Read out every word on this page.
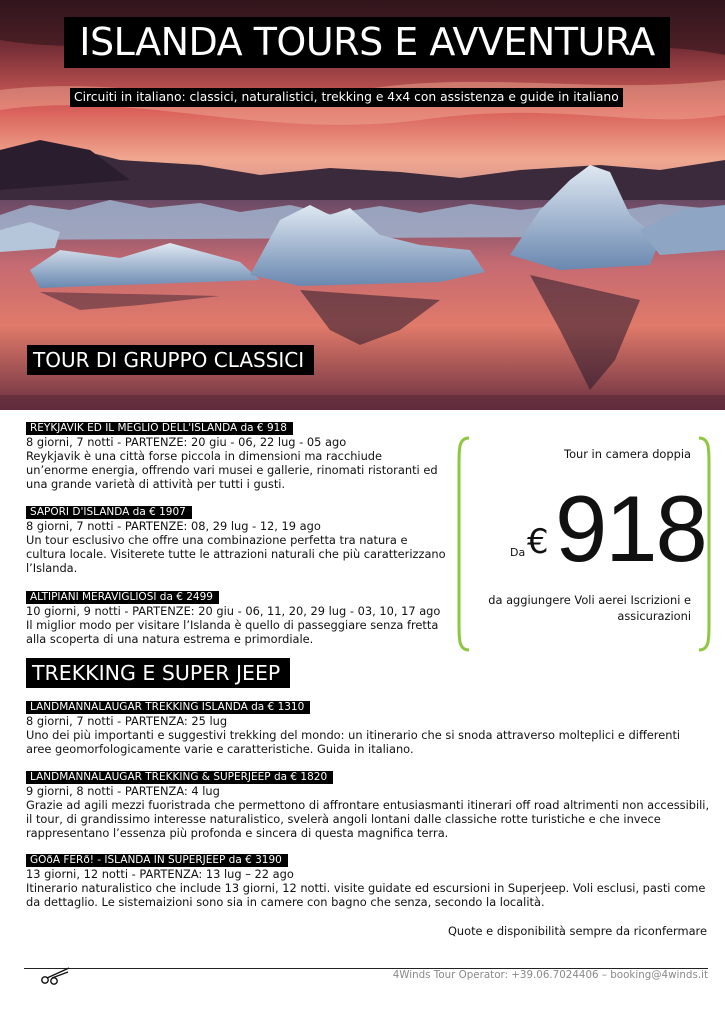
ISLANDA TOURS E AVVENTURA
Circuiti in italiano: classici, naturalistici, trekking e 4x4 con assistenza e guide in italiano
TOUR DI GRUPPO CLASSICI
REYKJAVIK ED IL MEGLIO DELL'ISLANDA da € 918
8 giorni, 7 notti - PARTENZE: 20 giu - 06, 22 lug - 05 ago
Reykjavik è una città forse piccola in dimensioni ma racchiude un’enorme energia, offrendo vari musei e gallerie, rinomati ristoranti ed una grande varietà di attività per tutti i gusti.
SAPORI D'ISLANDA da € 1907
8 giorni, 7 notti - PARTENZE: 08, 29 lug - 12, 19 ago
Un tour esclusivo che offre una combinazione perfetta tra natura e cultura locale. Visiterete tutte le attrazioni naturali che più caratterizzano l’Islanda.
ALTIPIANI MERAVIGLIOSI da € 2499
10 giorni, 9 notti - PARTENZE: 20 giu - 06, 11, 20, 29 lug - 03, 10, 17 ago
Il miglior modo per visitare l’Islanda è quello di passeggiare senza fretta alla scoperta di una natura estrema e primordiale.
Tour in camera doppia
Da € 918
da aggiungere Voli aerei Iscrizioni e assicurazioni
TREKKING E SUPER JEEP
LANDMANNALAUGAR TREKKING ISLANDA da € 1310
8 giorni, 7 notti - PARTENZA: 25 lug
Uno dei più importanti e suggestivi trekking del mondo: un itinerario che si snoda attraverso molteplici e differenti aree geomorfologicamente varie e caratteristiche. Guida in italiano.
LANDMANNALAUGAR TREKKING & SUPERJEEP da € 1820
9 giorni, 8 notti - PARTENZA: 4 lug
Grazie ad agili mezzi fuoristrada che permettono di affrontare entusiasmanti itinerari off road altrimenti non accessibili, il tour, di grandissimo interesse naturalistico, svelerà angoli lontani dalle classiche rotte turistiche e che invece rappresentano l’essenza più profonda e sincera di questa magnifica terra.
GOðA FERð! - ISLANDA IN SUPERJEEP da € 3190
13 giorni, 12 notti - PARTENZA: 13 lug – 22 ago
Itinerario naturalistico che include 13 giorni, 12 notti. visite guidate ed escursioni in Superjeep. Voli esclusi, pasti come da dettaglio. Le sistemaizioni sono sia in camere con bagno che senza, secondo la località.
Quote e disponibilità sempre da riconfermare
4Winds Tour Operator: +39.06.7024406 – booking@4winds.it
